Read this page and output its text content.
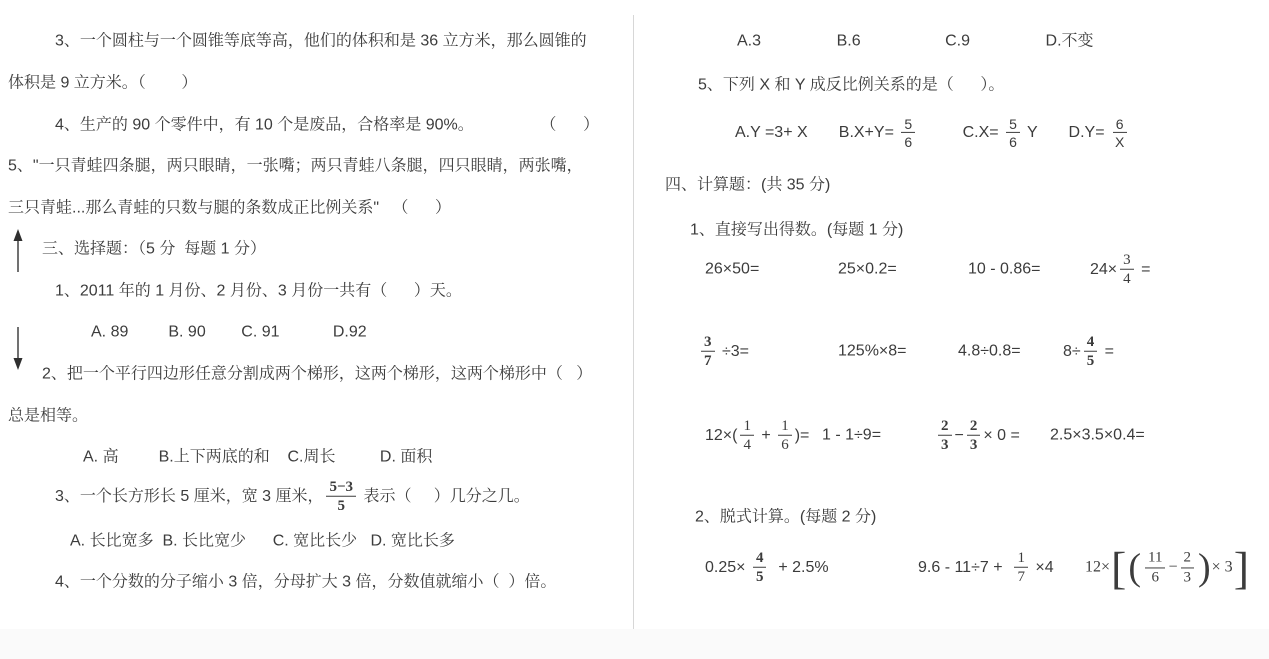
3、一个圆柱与一个圆锥等底等高，他们的体积和是 36 立方米，那么圆锥的
体积是 9 立方米。（        ）
4、生产的 90 个零件中，有 10 个是废品，合格率是 90%。               （      ）
5、"一只青蛙四条腿，两只眼睛，一张嘴；两只青蛙八条腿，四只眼睛，两张嘴，
三只青蛙...那么青蛙的只数与腿的条数成正比例关系"   （      ）
三、选择题：（5 分  每题 1 分）
1、2011 年的 1 月份、2 月份、3 月份一共有（      ）天。
A. 89         B. 90        C. 91            D.92
2、把一个平行四边形任意分割成两个梯形，这两个梯形，这两个梯形中（   ）
总是相等。
A. 高         B.上下两底的和    C.周长          D. 面积
3、一个长方形长 5 厘米，宽 3 厘米， $\frac{5-3}{5}$ 表示（     ）几分之几。
A. 长比宽多  B. 长比宽少      C. 宽比长少   D. 宽比长多
4、一个分数的分子缩小 3 倍，分母扩大 3 倍，分数值就缩小（  ）倍。
A.3                 B.6                   C.9                 D.不变
5、下列 X 和 Y 成反比例关系的是（      ）。
A.Y =3+ X       $B.X+Y= \frac{5}{6} C.X= \frac{5}{6}$ Y       $D.Y= \frac{6}{X}$
四、计算题：(共 35 分)
1、直接写出得数。(每题 1 分)
26×50=	25×0.2=	10 - 0.86=	$24\times \frac{3}{4}$ =
$\frac{3}{7} \div 3=$	125%×8=	4.8÷0.8=	$8\div \frac{4}{5}$ =
$12\times( \frac{1}{4} + \frac{1}{6}$ )= 1 - 1÷9=	$\frac{2}{3} - \frac{2}{3} \times 0 = 2.5\times 3.5\times 0.4=$
2、脱式计算。(每题 2 分)
$0.25\times \frac{4}{5} + 2.5\%$	$9.6 - 11\div 7 + \frac{1}{7} \times 4$ 12× [ ( $\frac{11}{6} - \frac{2}{3}$ ) × 3 ]
